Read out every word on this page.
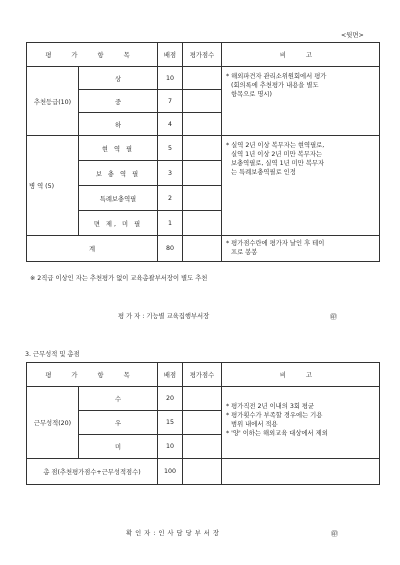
<뒷면>
평 가 항 목		배점	평가점수	비 고
추천등급(10)	상	10		* 해외파견자 관리소위원회에서 평가
(회의록에 추천평가 내용을 별도
항목으로 명시)

	중	7		
	하	4		
병 역 (5)	현 역 필	5		* 실역 2년 이상 복무자는 현역필로,
실역 1년 이상 2년 미만 복무자는
보충역필로, 실역 1년 미만 복무자
는 특례보충역필로 인정

	보 충 역 필	3		
	특례보충역필	2		
	면 제, 미 필	1		
계		80		* 평가점수란에 평가자 날인 후 테이
프로 봉봉
※ 2직급 이상인 자는 추천평가 없이 교육총괄부서장이 별도 추천
평 가 자 : 기능별 교육집행부서장	㊞
3. 근무성적 및 총점
평 가 항 목		배점	평가점수	비 고
근무성적(20)	수	20		* 평가직전 2년 이내의 3회 평균
* 평가횟수가 부족할 경우에는 기용
범위 내에서 적용
* '양' 이하는 해외교육 대상에서 제외

	우	15		
	미	10		
총 점(추천평가점수+근무성적점수)		100		
확 인 자 : 인 사 담 당 부 서 장	㊞
